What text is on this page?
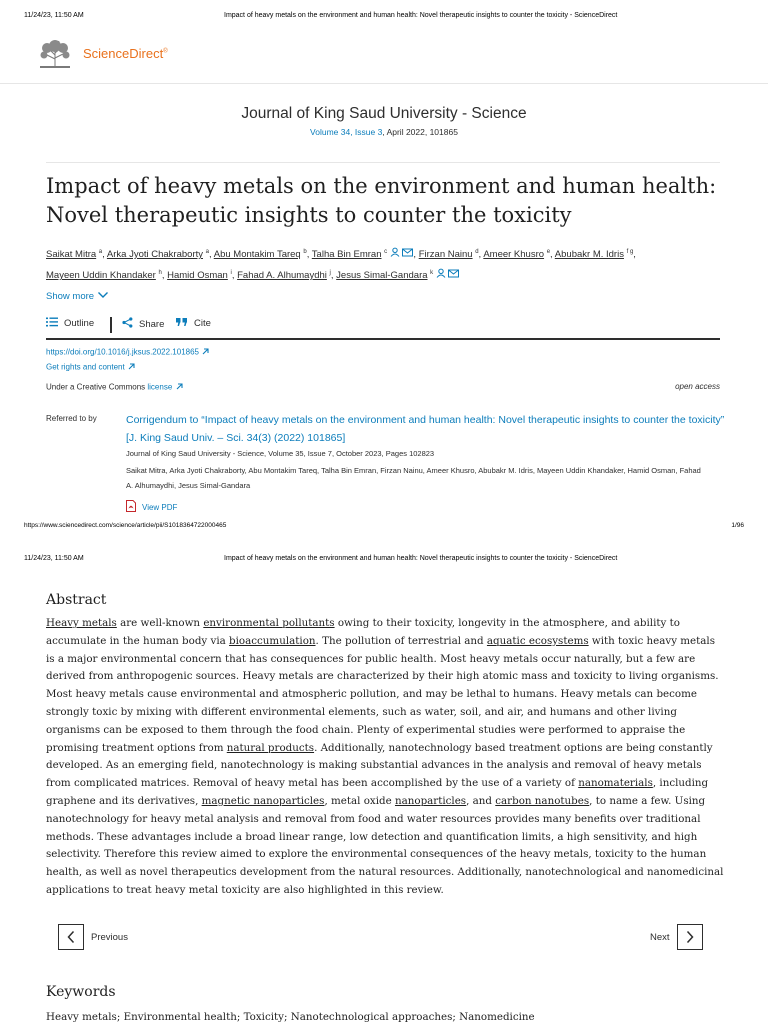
11/24/23, 11:50 AM	Impact of heavy metals on the environment and human health: Novel therapeutic insights to counter the toxicity - ScienceDirect
ScienceDirect®
Journal of King Saud University - Science
Volume 34, Issue 3, April 2022, 101865
Impact of heavy metals on the environment and human health:
Novel therapeutic insights to counter the toxicity
Saikat Mitra $^a$, Arka Jyoti Chakraborty $^a$, Abu Montakim Tareq $^b$, Talha Bin Emran $^c$	, Firzan Nainu $^d$, Ameer Khusro $^e$, Abubakr M. Idris $^{f g}$,
Mayeen Uddin Khandaker $^h$, Hamid Osman $^i$, Fahad A. Alhumaydhi $^j$, Jesus Simal-Gandara $^k$
Show more
Outline	Share	Cite
https://doi.org/10.1016/j.jksus.2022.101865
Get rights and content
Under a Creative Commons license	open access
Referred to by	Corrigendum to “Impact of heavy metals on the environment and human health: Novel therapeutic insights to counter the toxicity” [J. King Saud Univ. – Sci. 34(3) (2022) 101865]
Journal of King Saud University - Science, Volume 35, Issue 7, October 2023, Pages 102823
Saikat Mitra, Arka Jyoti Chakraborty, Abu Montakim Tareq, Talha Bin Emran, Firzan Nainu, Ameer Khusro, Abubakr M. Idris, Mayeen Uddin Khandaker, Hamid Osman, Fahad A. Alhumaydhi, Jesus Simal-Gandara
View PDF
https://www.sciencedirect.com/science/article/pii/S1018364722000465	1/96
11/24/23, 11:50 AM	Impact of heavy metals on the environment and human health: Novel therapeutic insights to counter the toxicity - ScienceDirect
Abstract
Heavy metals are well-known environmental pollutants owing to their toxicity, longevity in the atmosphere, and ability to accumulate in the human body via bioaccumulation. The pollution of terrestrial and aquatic ecosystems with toxic heavy metals is a major environmental concern that has consequences for public health. Most heavy metals occur naturally, but a few are derived from anthropogenic sources. Heavy metals are characterized by their high atomic mass and toxicity to living organisms. Most heavy metals cause environmental and atmospheric pollution, and may be lethal to humans. Heavy metals can become strongly toxic by mixing with different environmental elements, such as water, soil, and air, and humans and other living organisms can be exposed to them through the food chain. Plenty of experimental studies were performed to appraise the promising treatment options from natural products. Additionally, nanotechnology based treatment options are being constantly developed. As an emerging field, nanotechnology is making substantial advances in the analysis and removal of heavy metals from complicated matrices. Removal of heavy metal has been accomplished by the use of a variety of nanomaterials, including graphene and its derivatives, magnetic nanoparticles, metal oxide nanoparticles, and carbon nanotubes, to name a few. Using nanotechnology for heavy metal analysis and removal from food and water resources provides many benefits over traditional methods. These advantages include a broad linear range, low detection and quantification limits, a high sensitivity, and high selectivity. Therefore this review aimed to explore the environmental consequences of the heavy metals, toxicity to the human health, as well as novel therapeutics development from the natural resources. Additionally, nanotechnological and nanomedicinal applications to treat heavy metal toxicity are also highlighted in this review.
Previous	Next
Keywords
Heavy metals; Environmental health; Toxicity; Nanotechnological approaches; Nanomedicine
